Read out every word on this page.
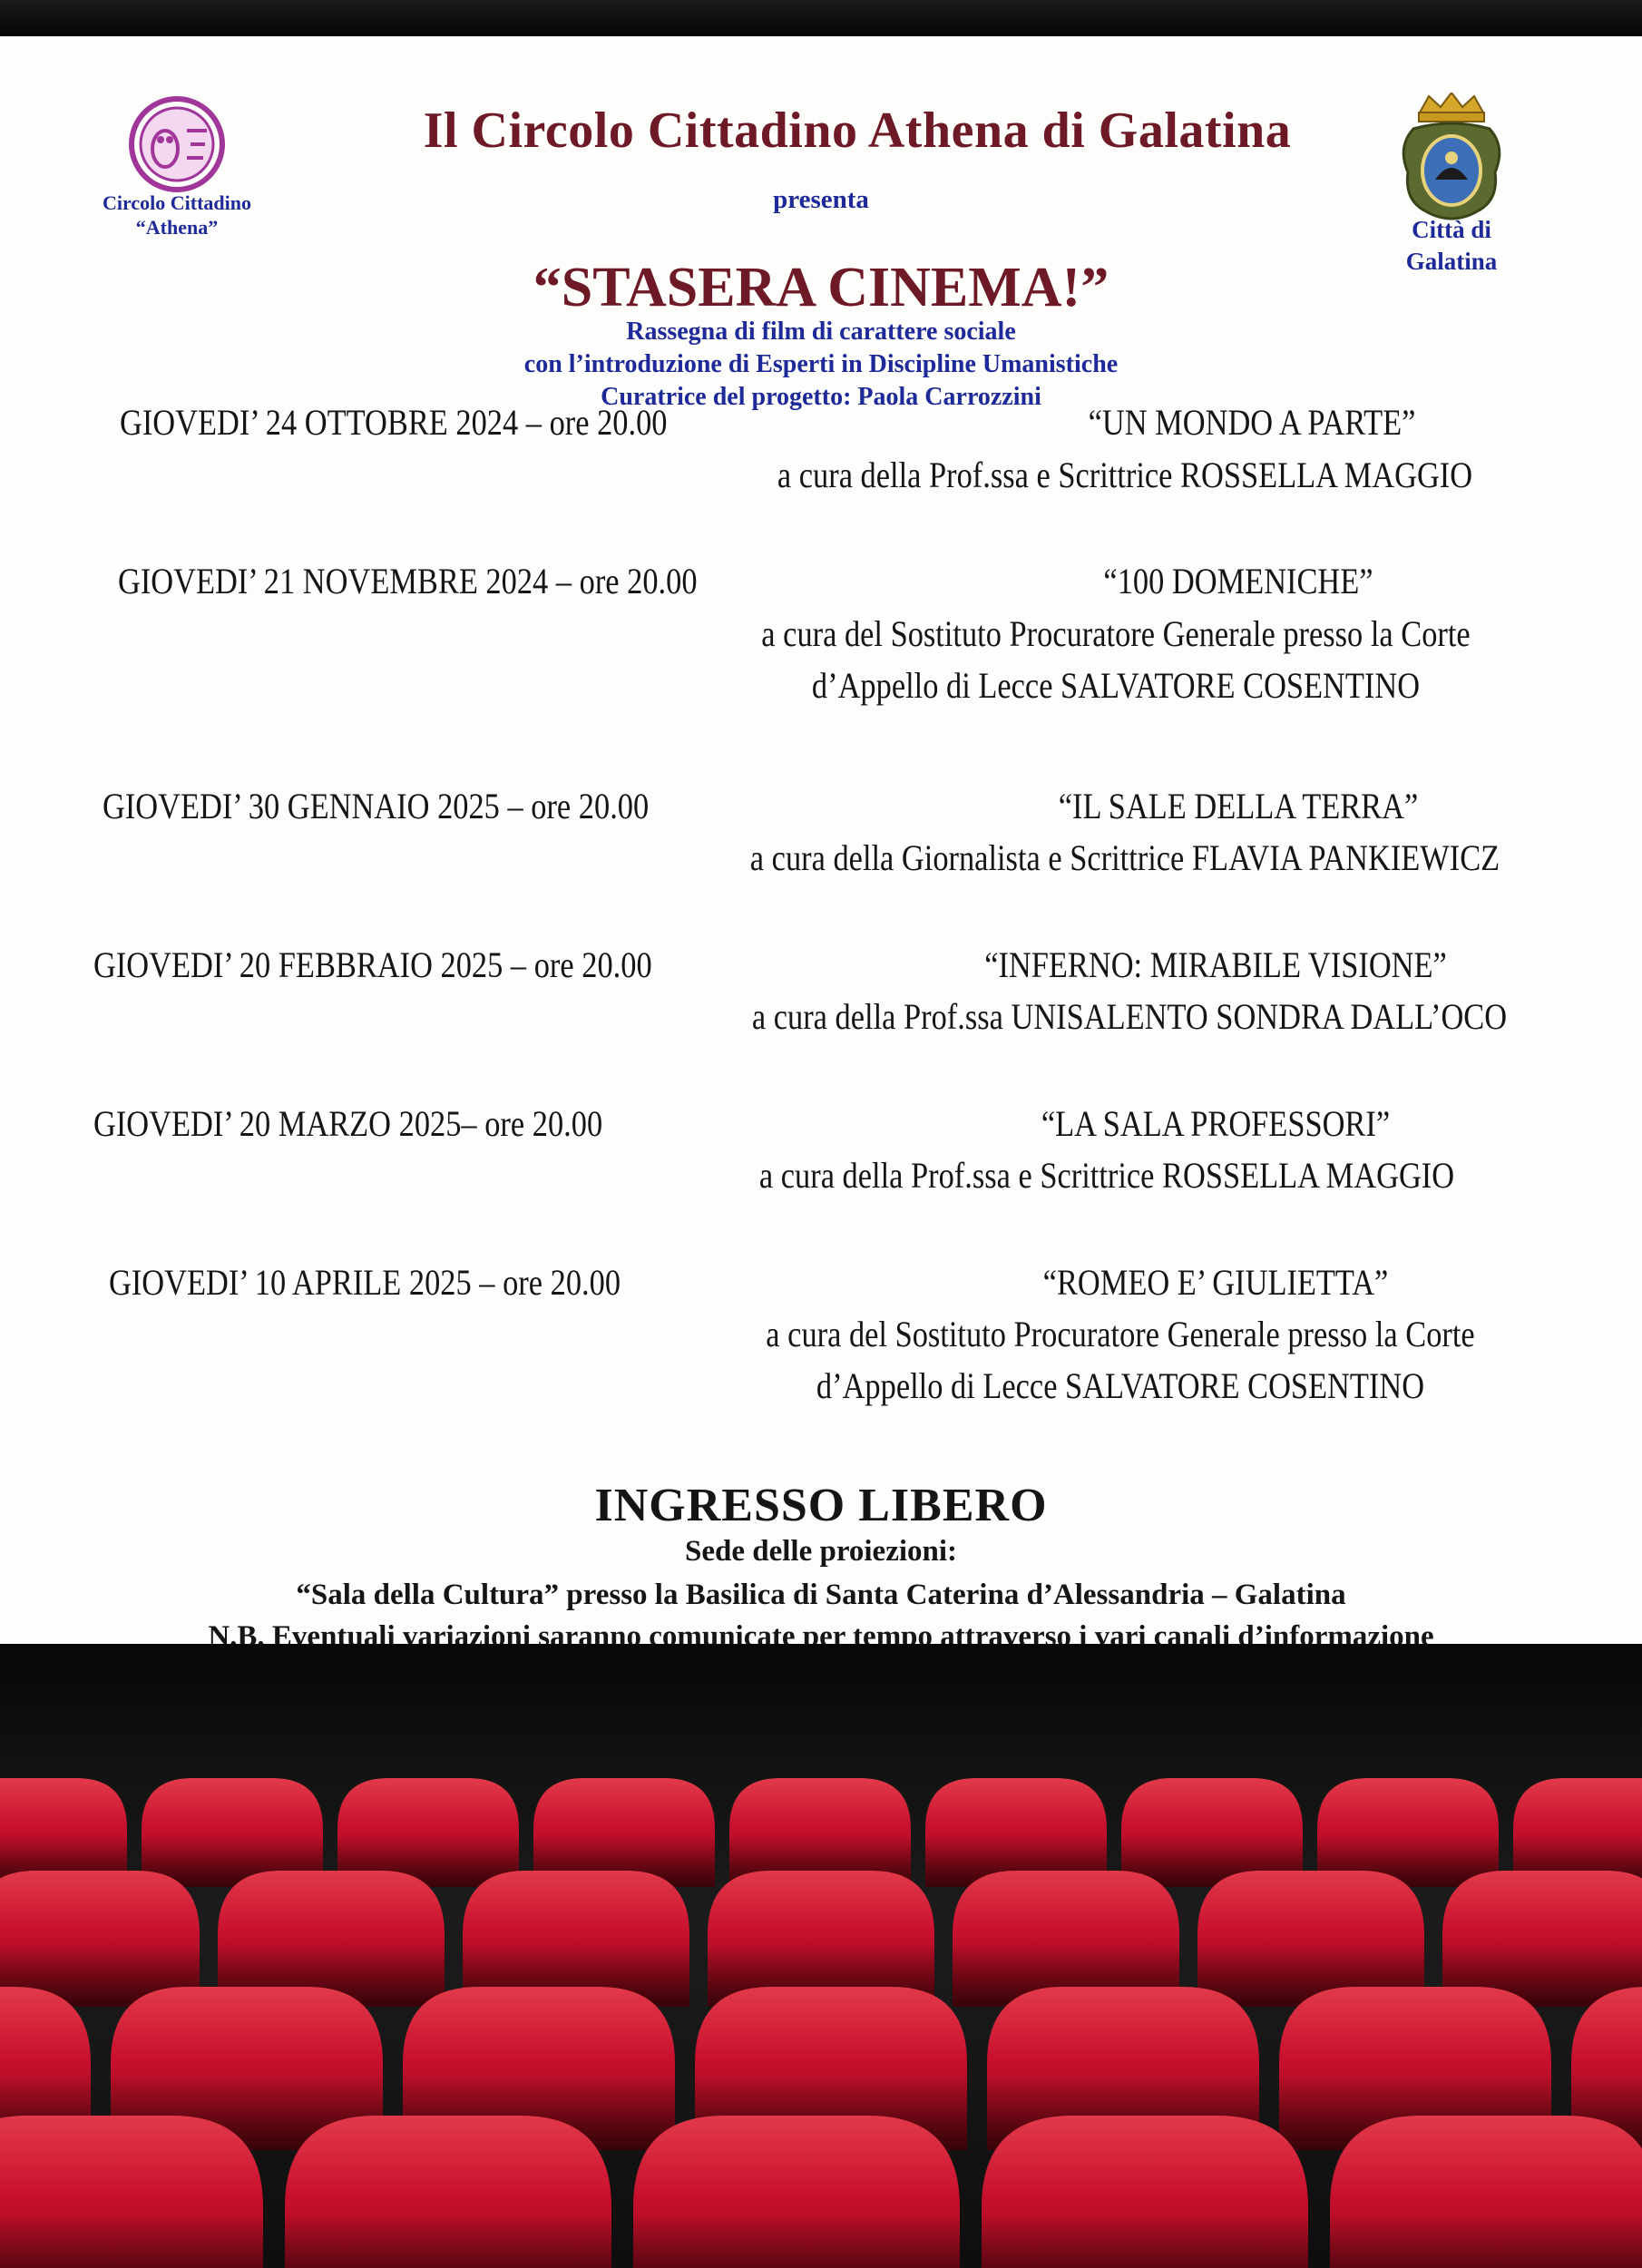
Circolo Cittadino
“Athena”	Città di
Galatina
Il Circolo Cittadino Athena di Galatina
presenta
“STASERA CINEMA!”
Rassegna di film di carattere sociale
con l’introduzione di Esperti in Discipline Umanistiche
Curatrice del progetto: Paola Carrozzini
GIOVEDI’ 24 OTTOBRE 2024 – ore 20.00	“UN MONDO A PARTE”
a cura della Prof.ssa e Scrittrice ROSSELLA MAGGIO
GIOVEDI’ 21 NOVEMBRE 2024 – ore 20.00	“100 DOMENICHE”
a cura del Sostituto Procuratore Generale presso la Corte
d’Appello di Lecce SALVATORE COSENTINO
GIOVEDI’ 30 GENNAIO 2025 – ore 20.00	“IL SALE DELLA TERRA”
a cura della Giornalista e Scrittrice FLAVIA PANKIEWICZ
GIOVEDI’ 20 FEBBRAIO 2025 – ore 20.00	“INFERNO: MIRABILE VISIONE”
a cura della Prof.ssa UNISALENTO SONDRA DALL’OCO
GIOVEDI’ 20 MARZO 2025– ore 20.00	“LA SALA PROFESSORI”
a cura della Prof.ssa e Scrittrice ROSSELLA MAGGIO
GIOVEDI’ 10 APRILE 2025 – ore 20.00	“ROMEO E’ GIULIETTA”
a cura del Sostituto Procuratore Generale presso la Corte
d’Appello di Lecce SALVATORE COSENTINO
INGRESSO LIBERO
Sede delle proiezioni:
“Sala della Cultura” presso la Basilica di Santa Caterina d’Alessandria – Galatina
N.B. Eventuali variazioni saranno comunicate per tempo attraverso i vari canali d’informazione
